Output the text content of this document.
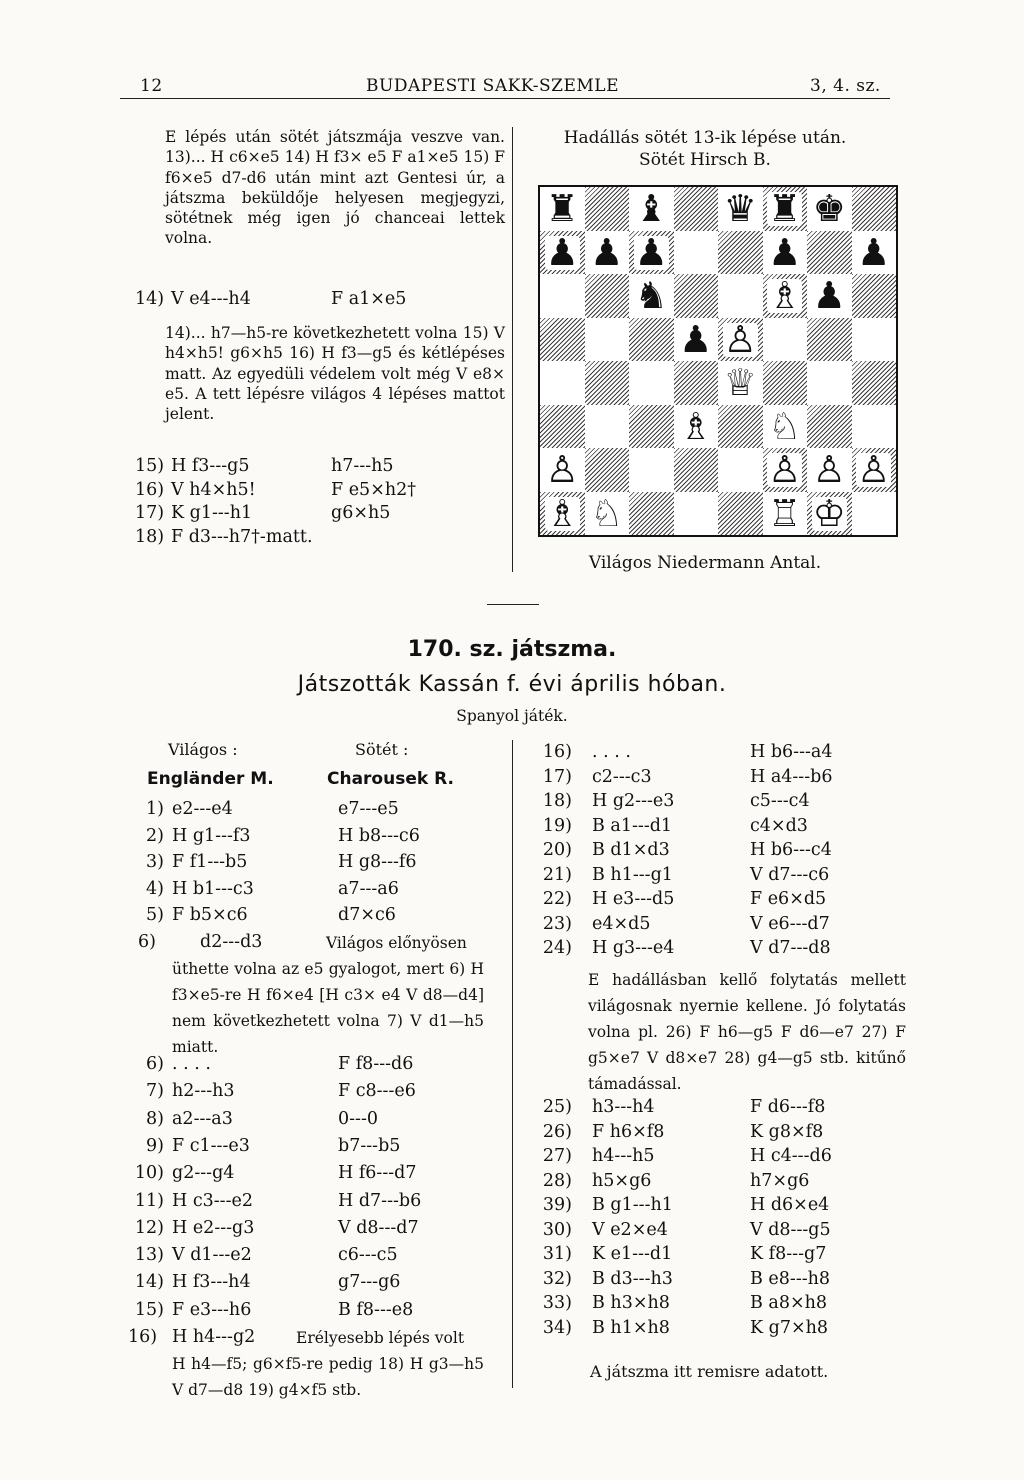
12	BUDAPESTI SAKK-SZEMLE	3, 4. sz.
E lépés után sötét játszmája veszve van. 13)... H c6×e5 14) H f3× e5 F a1×e5 15) F f6×e5 d7-d6 után mint azt Gentesi úr, a játszma beküldője helyesen megjegyzi, sötétnek még igen jó chanceai lettek volna.
14) V e4---h4	F a1×e5
14)... h7—h5-re következhetett volna 15) V h4×h5! g6×h5 16) H f3—g5 és kétlépéses matt. Az egyedüli védelem volt még V e8× e5. A tett lépésre világos 4 lépéses mattot jelent.
15) H f3---g5	h7---h5
16) V h4×h5!	F e5×h2†
17) K g1---h1	g6×h5
18) F d3---h7†-matt.
Hadállás sötét 13-ik lépése után.
Sötét Hirsch B.
♜ ♝ ♛ ♜ ♚
♟ ♟ ♟	♟ ♟
♞	♗ ♟
♟ ♙
♕
♗ ♘
♙	♙ ♙ ♙
♗ ♘	♖ ♔
Világos Niedermann Antal.
170. sz. játszma.
Játszották Kassán f. évi április hóban.
Spanyol játék.
Világos :	Sötét :
Engländer M.	Charousek R.
1) e2---e4	e7---e5
2) H g1---f3	H b8---c6
3) F f1---b5	H g8---f6
4) H b1---c3	a7---a6
5) F b5×c6	d7×c6
6)	d2---d3	Világos előnyösen
üthette volna az e5 gyalogot, mert 6) H f3×e5-re H f6×e4 [H c3× e4 V d8—d4] nem következhetett volna 7) V d1—h5 miatt.
6) . . . .	F f8---d6
7) h2---h3	F c8---e6
8) a2---a3	0---0
9) F c1---e3	b7---b5
10) g2---g4	H f6---d7
11) H c3---e2	H d7---b6
12) H e2---g3	V d8---d7
13) V d1---e2	c6---c5
14) H f3---h4	g7---g6
15) F e3---h6	B f8---e8
16) H h4---g2	Erélyesebb lépés volt
H h4—f5; g6×f5-re pedig 18) H g3—h5 V d7—d8 19) g4×f5 stb.
16) . . . .	H b6---a4
17) c2---c3	H a4---b6
18) H g2---e3	c5---c4
19) B a1---d1	c4×d3
20) B d1×d3	H b6---c4
21) B h1---g1	V d7---c6
22) H e3---d5	F e6×d5
23) e4×d5	V e6---d7
24) H g3---e4	V d7---d8
E hadállásban kellő folytatás mellett világosnak nyernie kellene. Jó folytatás volna pl. 26) F h6—g5 F d6—e7 27) F g5×e7 V d8×e7 28) g4—g5 stb. kitűnő támadással.
25) h3---h4	F d6---f8
26) F h6×f8	K g8×f8
27) h4---h5	H c4---d6
28) h5×g6	h7×g6
39) B g1---h1	H d6×e4
30) V e2×e4	V d8---g5
31) K e1---d1	K f8---g7
32) B d3---h3	B e8---h8
33) B h3×h8	B a8×h8
34) B h1×h8	K g7×h8
A játszma itt remisre adatott.
